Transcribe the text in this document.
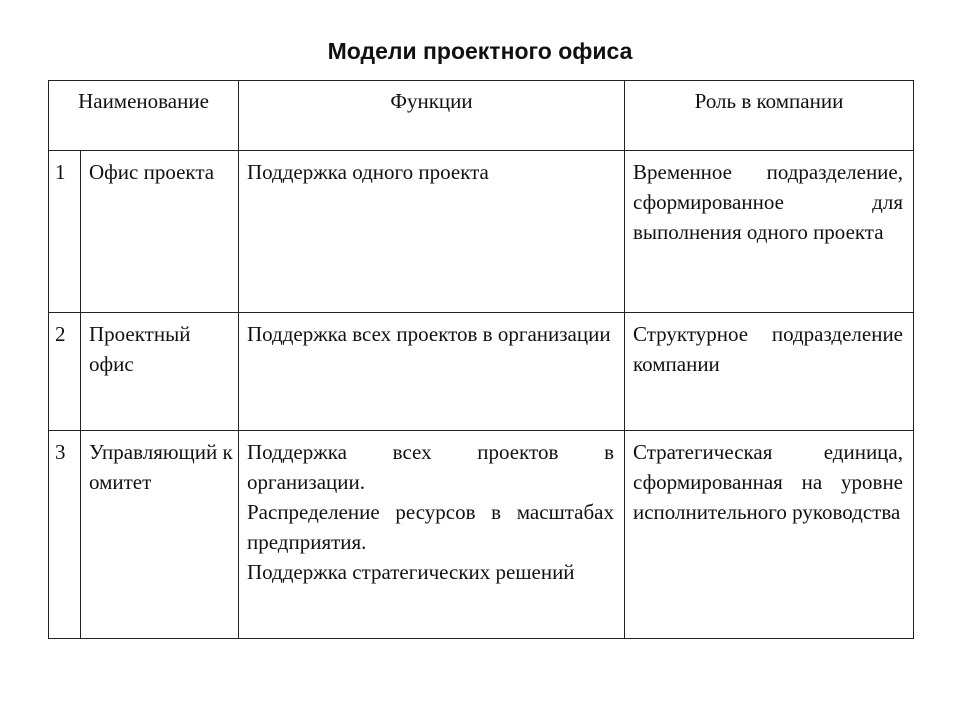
Модели проектного офиса
Наименование		Функции	Роль в компании
1	Офис проекта	Поддержка одного проекта	Временное подразделение, сформированное для выполнения одного проекта
2	Проектный офис	Поддержка всех проектов в организации	Структурное подразделение компании
3	Управляющий комитет	Поддержка всех проектов в организации.
Распределение ресурсов в масштабах предприятия.
Поддержка стратегических решений	Стратегическая единица, сформированная на уровне исполнительного руководства
